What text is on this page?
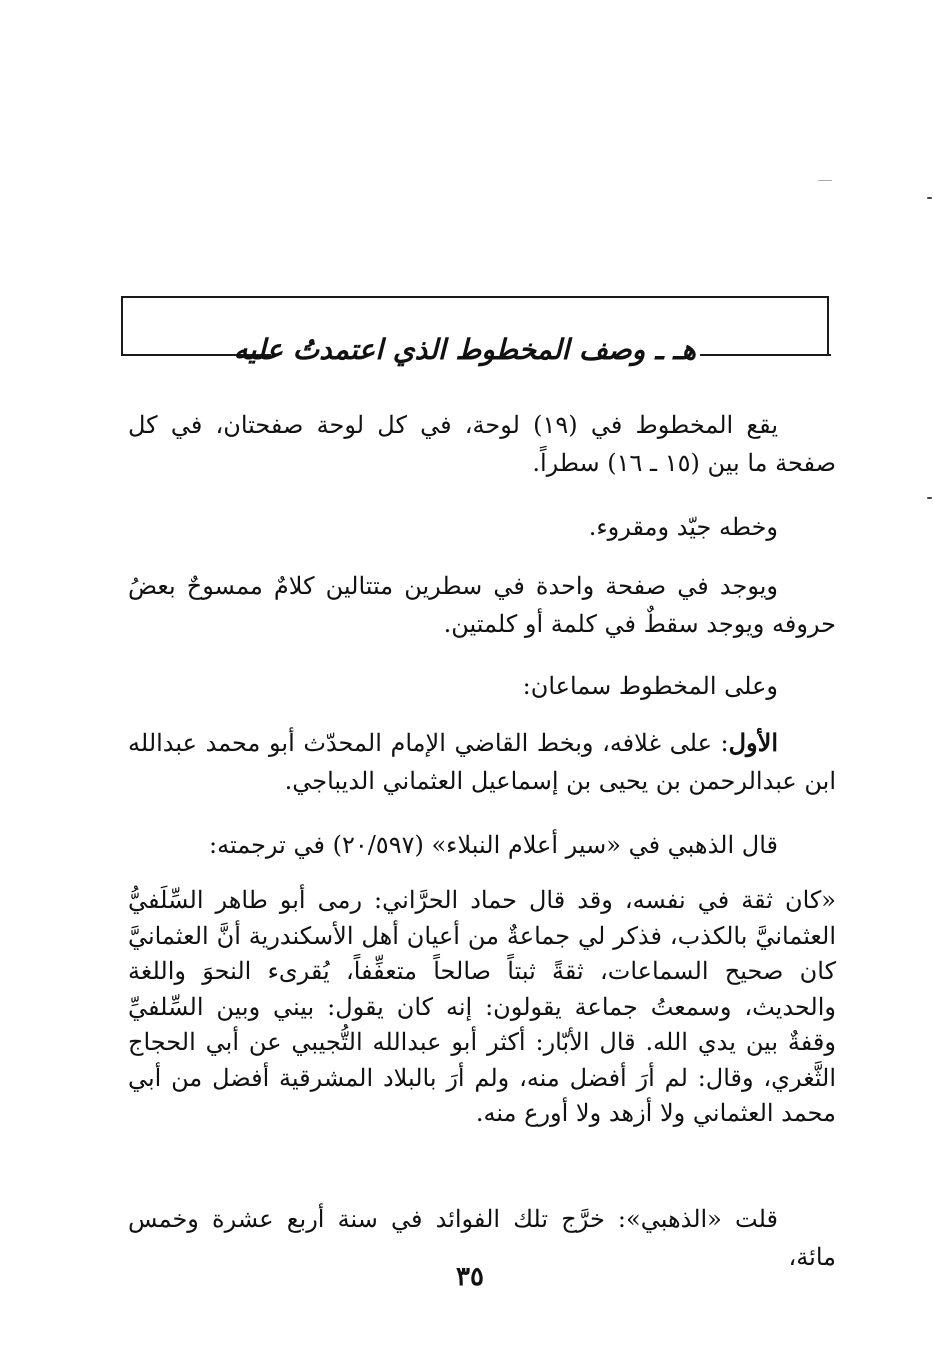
هـ ـ وصف المخطوط الذي اعتمدتُ عليه

يقع المخطوط في (١٩) لوحة، في كل لوحة صفحتان، في كل صفحة ما بين (١٥ ـ ١٦) سطراً.

وخطه جيّد ومقروء.

ويوجد في صفحة واحدة في سطرين متتالين كلامٌ ممسوحٌ بعضُ حروفه ويوجد سقطٌ في كلمة أو كلمتين.

وعلى المخطوط سماعان:

الأول: على غلافه، وبخط القاضي الإمام المحدّث أبو محمد عبدالله ابن عبدالرحمن بن يحيى بن إسماعيل العثماني الديباجي.

قال الذهبي في «سير أعلام النبلاء» (٢٠/٥٩٧) في ترجمته:

«كان ثقة في نفسه، وقد قال حماد الحرَّاني: رمى أبو طاهر السِّلَفيُّ العثمانيَّ بالكذب، فذكر لي جماعةٌ من أعيان أهل الأسكندرية أنَّ العثمانيَّ كان صحيح السماعات، ثقةً ثبتاً صالحاً متعفِّفاً، يُقرىء النحوَ واللغة والحديث، وسمعتُ جماعة يقولون: إنه كان يقول: بيني وبين السِّلفيِّ وقفةٌ بين يدي الله. قال الأبّار: أكثر أبو عبدالله التُّجيبي عن أبي الحجاج الثَّغري، وقال: لم أرَ أفضل منه، ولم أرَ بالبلاد المشرقية أفضل من أبي محمد العثماني ولا أزهد ولا أورع منه.

قلت «الذهبي»: خرَّج تلك الفوائد في سنة أربع عشرة وخمس مائة،

٣٥
